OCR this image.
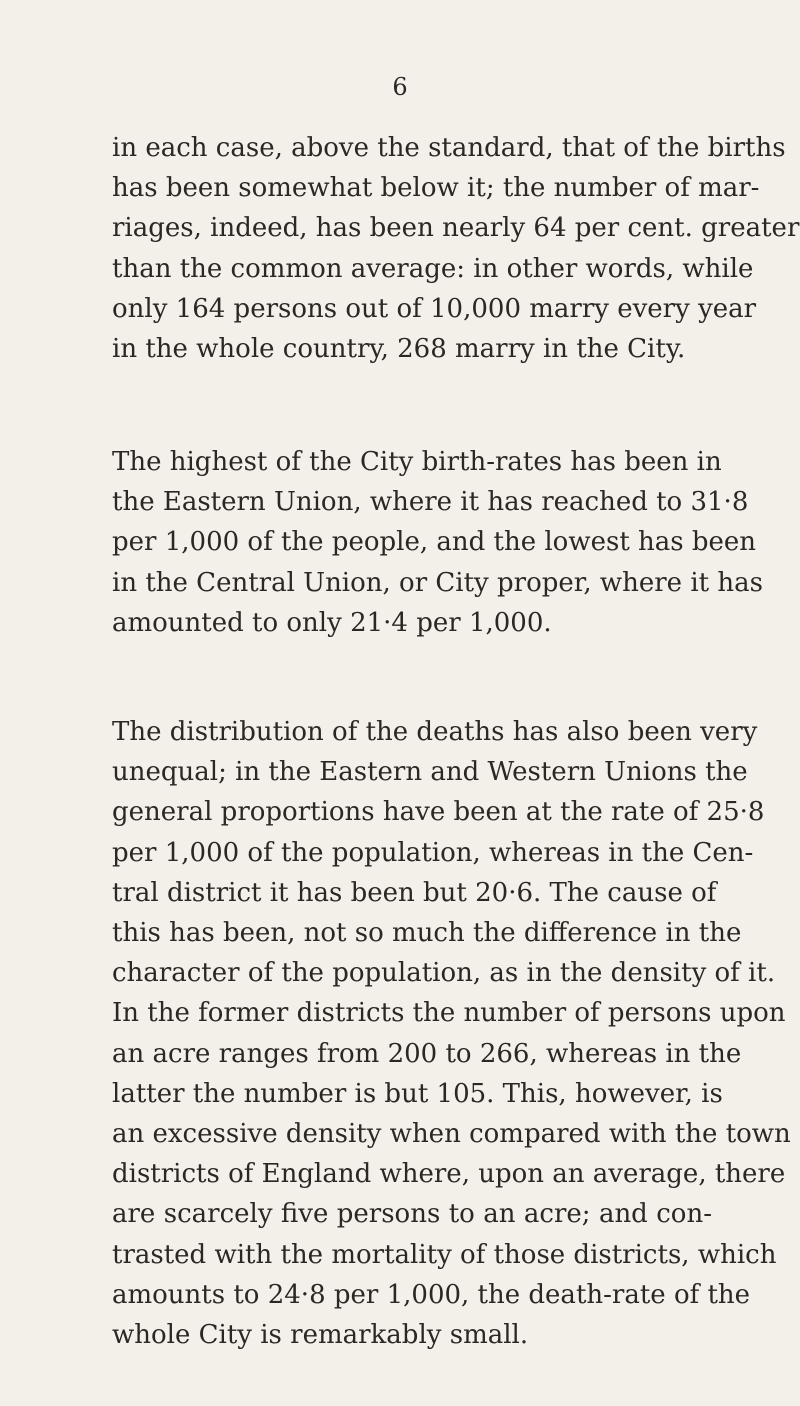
6

in each case, above the standard, that of the births
has been somewhat below it; the number of mar-
riages, indeed, has been nearly 64 per cent. greater
than the common average: in other words, while
only 164 persons out of 10,000 marry every year
in the whole country, 268 marry in the City.

The highest of the City birth-rates has been in
the Eastern Union, where it has reached to 31·8
per 1,000 of the people, and the lowest has been
in the Central Union, or City proper, where it has
amounted to only 21·4 per 1,000.

The distribution of the deaths has also been very
unequal; in the Eastern and Western Unions the
general proportions have been at the rate of 25·8
per 1,000 of the population, whereas in the Cen-
tral district it has been but 20·6. The cause of
this has been, not so much the difference in the
character of the population, as in the density of it.
In the former districts the number of persons upon
an acre ranges from 200 to 266, whereas in the
latter the number is but 105. This, however, is
an excessive density when compared with the town
districts of England where, upon an average, there
are scarcely five persons to an acre; and con-
trasted with the mortality of those districts, which
amounts to 24·8 per 1,000, the death-rate of the
whole City is remarkably small.
